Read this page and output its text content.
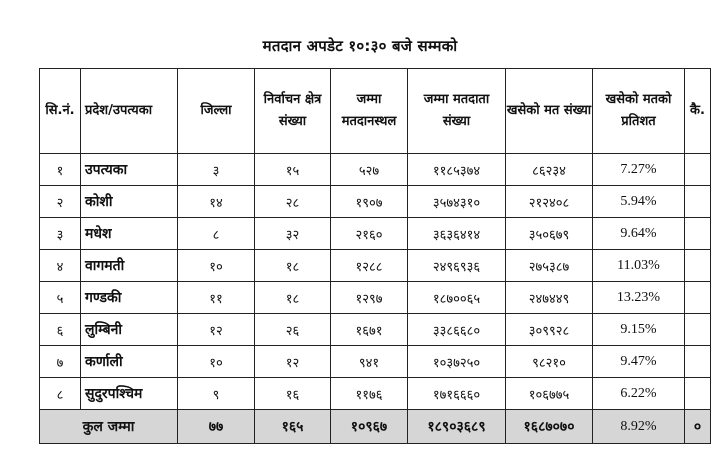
मतदान अपडेट १०:३० बजे सम्मको
सि.नं.	प्रदेश/उपत्यका	जिल्ला	निर्वाचन क्षेत्र संख्या	जम्मा मतदानस्थल	जम्मा मतदाता संख्या	खसेको मत संख्या	खसेको मतको प्रतिशत	कै.
१	उपत्यका	३	१५	५२७	११८५३७४	८६२३४	7.27%	
२	कोशी	१४	२८	१९०७	३५७४३१०	२१२४०८	5.94%	
३	मधेश	८	३२	२१६०	३६३६४१४	३५०६७९	9.64%	
४	वागमती	१०	१८	१२८८	२४९६९३६	२७५३८७	11.03%	
५	गण्डकी	११	१८	१२९७	१८७००६५	२४७४४९	13.23%	
६	लुम्बिनी	१२	२६	१६७१	३३८६६८०	३०९९२८	9.15%	
७	कर्णाली	१०	१२	९४१	१०३७२५०	९८२१०	9.47%	
८	सुदुरपश्चिम	९	१६	११७६	१७१६६६०	१०६७७५	6.22%	
कुल जम्मा		७७	१६५	१०९६७	१८९०३६८९	१६८७०७०	8.92%	०
